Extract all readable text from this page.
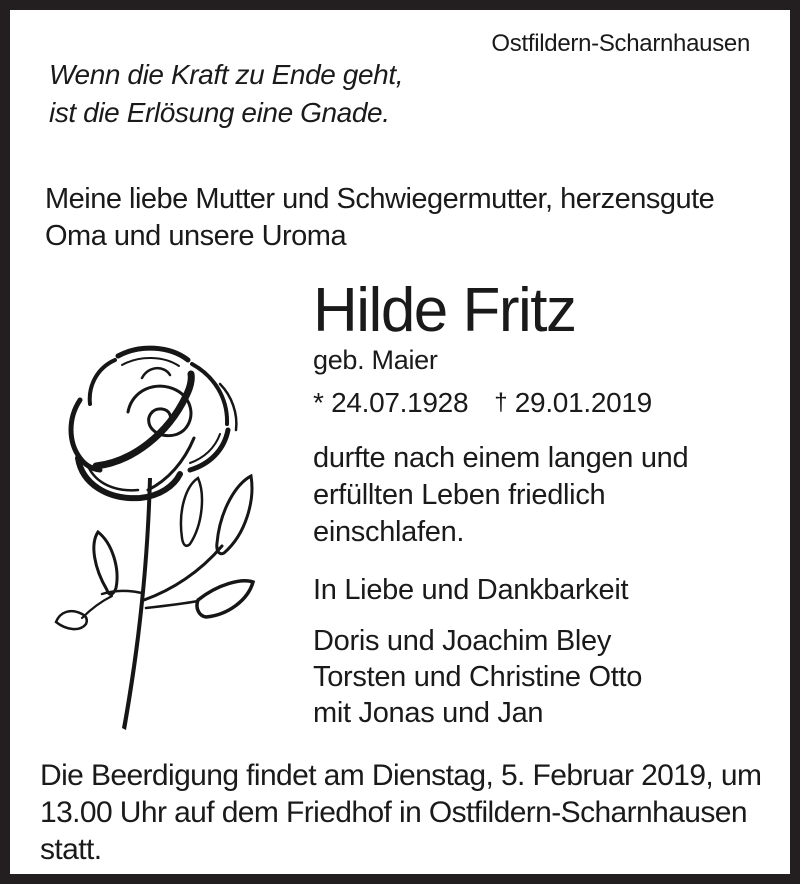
Ostfildern-Scharnhausen
Wenn die Kraft zu Ende geht,
ist die Erlösung eine Gnade.
Meine liebe Mutter und Schwiegermutter, herzensgute
Oma und unsere Uroma
Hilde Fritz
geb. Maier
* 24.07.1928 † 29.01.2019
durfte nach einem langen und
erfüllten Leben friedlich
einschlafen.
In Liebe und Dankbarkeit
Doris und Joachim Bley
Torsten und Christine Otto
mit Jonas und Jan
Die Beerdigung findet am Dienstag, 5. Februar 2019, um
13.00 Uhr auf dem Friedhof in Ostfildern-Scharnhausen
statt.
